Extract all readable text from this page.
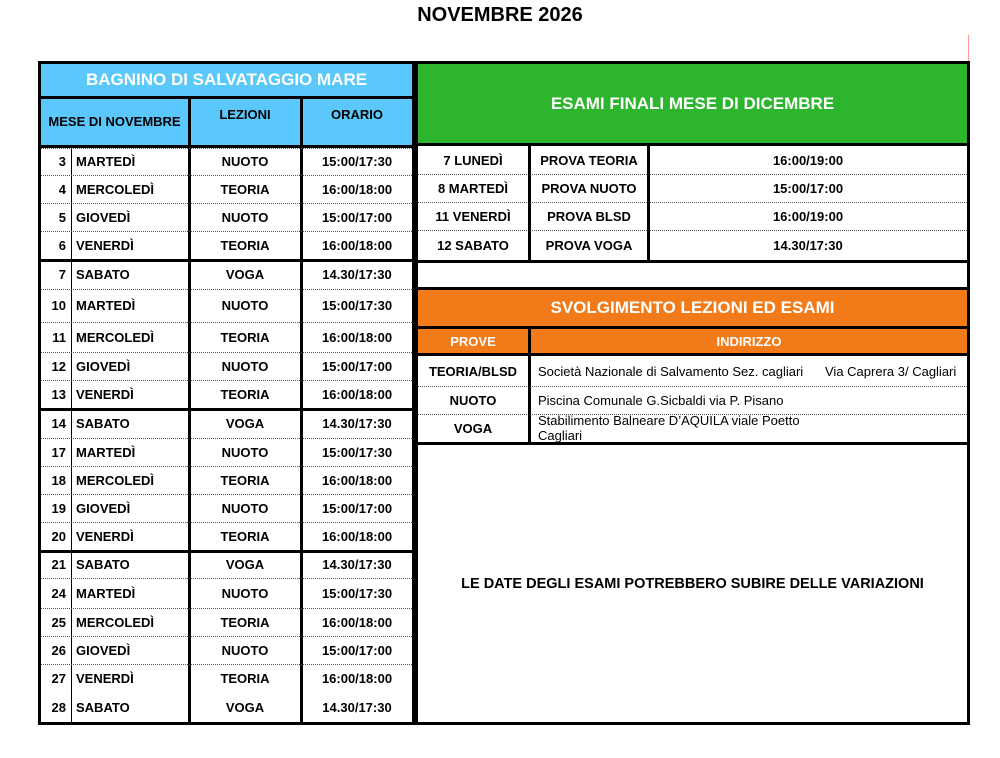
NOVEMBRE 2026
BAGNINO DI SALVATAGGIO MARE
MESE DI NOVEMBRE	LEZIONI	ORARIO
3 MARTEDÌ	NUOTO	15:00/17:30
4 MERCOLEDÌ	TEORIA	16:00/18:00
5 GIOVEDÌ	NUOTO	15:00/17:00
6 VENERDÌ	TEORIA	16:00/18:00
7 SABATO	VOGA	14.30/17:30
10 MARTEDÌ	NUOTO	15:00/17:30
11 MERCOLEDÌ	TEORIA	16:00/18:00
12 GIOVEDÌ	NUOTO	15:00/17:00
13 VENERDÌ	TEORIA	16:00/18:00
14 SABATO	VOGA	14.30/17:30
17 MARTEDÌ	NUOTO	15:00/17:30
18 MERCOLEDÌ	TEORIA	16:00/18:00
19 GIOVEDÌ	NUOTO	15:00/17:00
20 VENERDÌ	TEORIA	16:00/18:00
21 SABATO	VOGA	14.30/17:30
24 MARTEDÌ	NUOTO	15:00/17:30
25 MERCOLEDÌ	TEORIA	16:00/18:00
26 GIOVEDÌ	NUOTO	15:00/17:00
27 VENERDÌ	TEORIA	16:00/18:00
28 SABATO	VOGA	14.30/17:30
ESAMI FINALI MESE DI DICEMBRE
7 LUNEDÌ	PROVA TEORIA	16:00/19:00
8 MARTEDÌ	PROVA NUOTO	15:00/17:00
11 VENERDÌ	PROVA BLSD	16:00/19:00
12 SABATO	PROVA VOGA	14.30/17:30
SVOLGIMENTO LEZIONI ED ESAMI
PROVE	INDIRIZZO
TEORIA/BLSD	Società Nazionale di Salvamento Sez. cagliari	Via Caprera 3/ Cagliari
NUOTO	Piscina Comunale G.Sicbaldi via P. Pisano
VOGA	Stabilimento Balneare D’AQUILA viale Poetto Cagliari
LE DATE DEGLI ESAMI POTREBBERO SUBIRE DELLE VARIAZIONI
